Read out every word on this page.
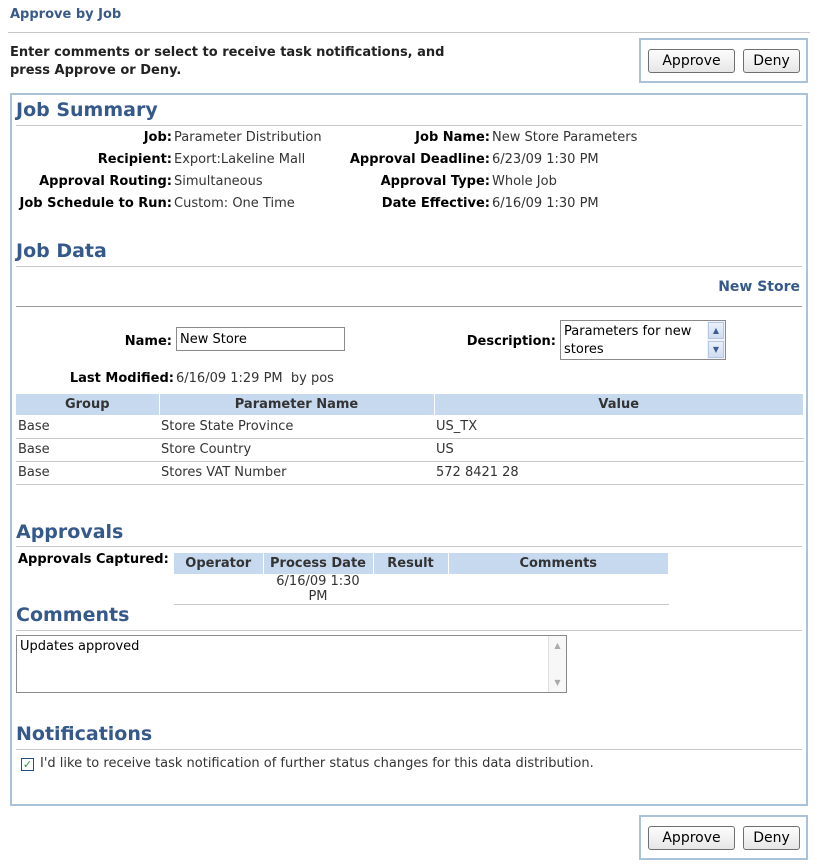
Approve by Job
Enter comments or select to receive task notifications, and press Approve or Deny.
Approve	Deny
Job Summary
Job: Parameter Distribution
Recipient: Export:Lakeline Mall
Approval Routing: Simultaneous
Job Schedule to Run: Custom: One Time
Job Name: New Store Parameters
Approval Deadline: 6/23/09 1:30 PM
Approval Type: Whole Job
Date Effective: 6/16/09 1:30 PM
Job Data
New Store
Name:
New Store	Description:
Parameters for new stores
▲
▼
Last Modified: 6/16/09 1:29 PM  by pos
Group	Parameter Name	Value
Base	Store State Province	US_TX
Base	Store Country	US
Base	Stores VAT Number	572 8421 28
Approvals
Approvals Captured: Operator	Process Date	Result	Comments
	6/16/09 1:30 PM		
Comments
Updates approved	▲
▼
Notifications
✓ I'd like to receive task notification of further status changes for this data distribution.
Approve	Deny
